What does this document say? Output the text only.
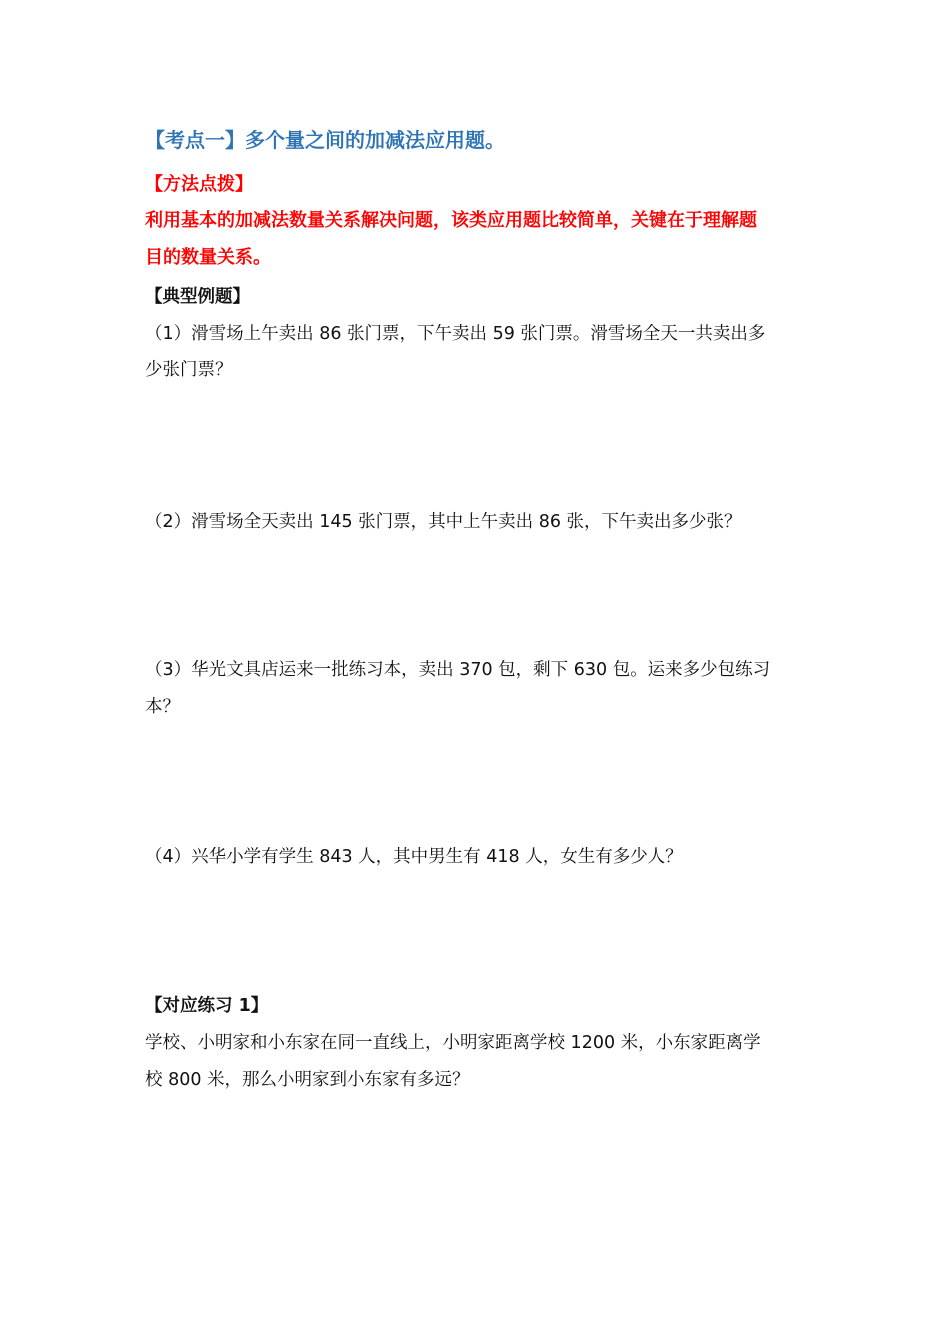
【考点一】多个量之间的加减法应用题。
【方法点拨】
利用基本的加减法数量关系解决问题，该类应用题比较简单，关键在于理解题
目的数量关系。
【典型例题】
（1）滑雪场上午卖出 86 张门票，下午卖出 59 张门票。滑雪场全天一共卖出多
少张门票？
（2）滑雪场全天卖出 145 张门票，其中上午卖出 86 张，下午卖出多少张？
（3）华光文具店运来一批练习本，卖出 370 包，剩下 630 包。运来多少包练习
本？
（4）兴华小学有学生 843 人，其中男生有 418 人，女生有多少人？
【对应练习 1】
学校、小明家和小东家在同一直线上，小明家距离学校 1200 米，小东家距离学
校 800 米，那么小明家到小东家有多远？
